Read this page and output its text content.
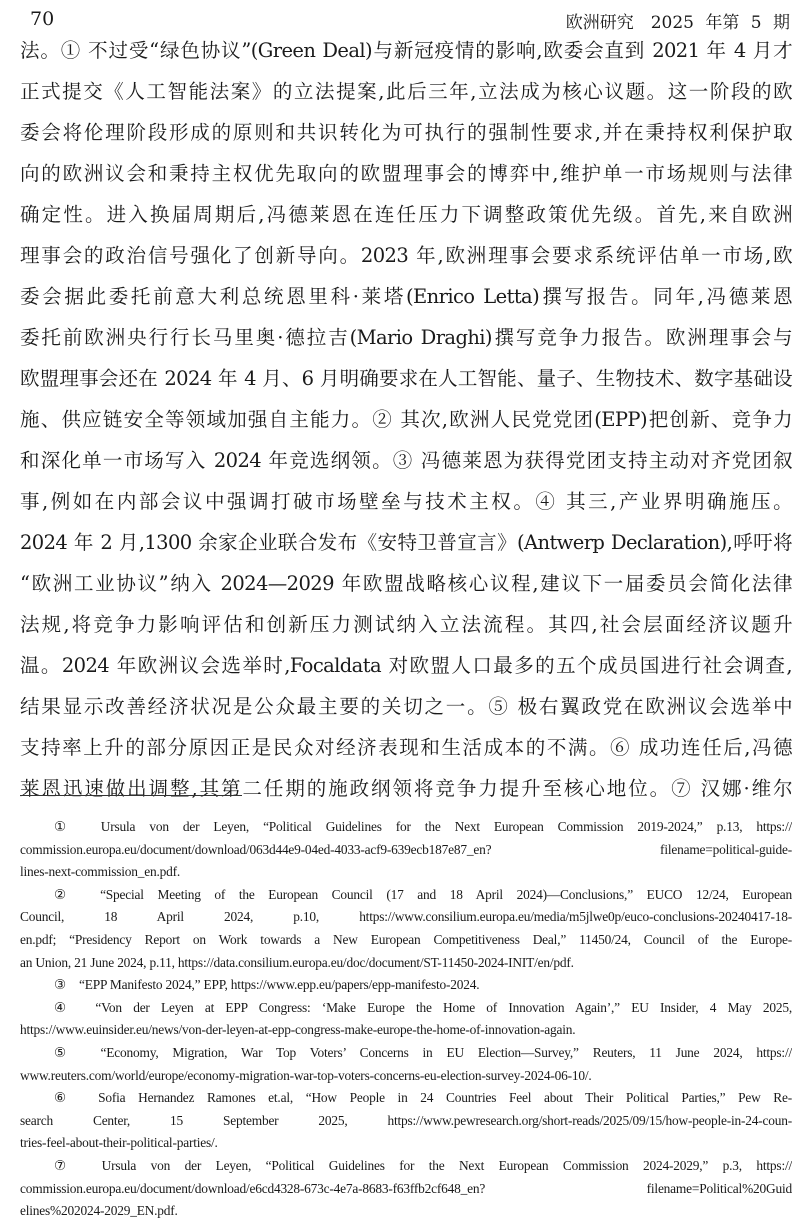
70	欧洲研究　2025 年第 5 期
法。① 不过受“绿色协议”(Green Deal)与新冠疫情的影响,欧委会直到 2021 年 4 月才
正式提交《人工智能法案》的立法提案,此后三年,立法成为核心议题。这一阶段的欧
委会将伦理阶段形成的原则和共识转化为可执行的强制性要求,并在秉持权利保护取
向的欧洲议会和秉持主权优先取向的欧盟理事会的博弈中,维护单一市场规则与法律
确定性。进入换届周期后,冯德莱恩在连任压力下调整政策优先级。首先,来自欧洲
理事会的政治信号强化了创新导向。2023 年,欧洲理事会要求系统评估单一市场,欧
委会据此委托前意大利总统恩里科·莱塔(Enrico Letta)撰写报告。同年,冯德莱恩
委托前欧洲央行行长马里奥·德拉吉(Mario Draghi)撰写竞争力报告。欧洲理事会与
欧盟理事会还在 2024 年 4 月、6 月明确要求在人工智能、量子、生物技术、数字基础设
施、供应链安全等领域加强自主能力。② 其次,欧洲人民党党团(EPP)把创新、竞争力
和深化单一市场写入 2024 年竞选纲领。③ 冯德莱恩为获得党团支持主动对齐党团叙
事,例如在内部会议中强调打破市场壁垒与技术主权。④ 其三,产业界明确施压。
2024 年 2 月,1300 余家企业联合发布《安特卫普宣言》(Antwerp Declaration),呼吁将
“欧洲工业协议”纳入 2024—2029 年欧盟战略核心议程,建议下一届委员会简化法律
法规,将竞争力影响评估和创新压力测试纳入立法流程。其四,社会层面经济议题升
温。2024 年欧洲议会选举时,Focaldata 对欧盟人口最多的五个成员国进行社会调查,
结果显示改善经济状况是公众最主要的关切之一。⑤ 极右翼政党在欧洲议会选举中
支持率上升的部分原因正是民众对经济表现和生活成本的不满。⑥ 成功连任后,冯德
莱恩迅速做出调整,其第二任期的施政纲领将竞争力提升至核心地位。⑦ 汉娜·维尔
①　Ursula von der Leyen, “Political Guidelines for the Next European Commission 2019-2024,” p.13, https://
commission.europa.eu/document/download/063d44e9-04ed-4033-acf9-639ecb187e87_en? filename=political-guide-
lines-next-commission_en.pdf.
②　“Special Meeting of the European Council (17 and 18 April 2024)—Conclusions,” EUCO 12/24, European
Council, 18 April 2024, p.10, https://www.consilium.europa.eu/media/m5jlwe0p/euco-conclusions-20240417-18-
en.pdf; “Presidency Report on Work towards a New European Competitiveness Deal,” 11450/24, Council of the Europe-
an Union, 21 June 2024, p.11, https://data.consilium.europa.eu/doc/document/ST-11450-2024-INIT/en/pdf.
③　“EPP Manifesto 2024,” EPP, https://www.epp.eu/papers/epp-manifesto-2024.
④　“Von der Leyen at EPP Congress: ‘Make Europe the Home of Innovation Again’,” EU Insider, 4 May 2025,
https://www.euinsider.eu/news/von-der-leyen-at-epp-congress-make-europe-the-home-of-innovation-again.
⑤　“Economy, Migration, War Top Voters’ Concerns in EU Election—Survey,” Reuters, 11 June 2024, https://
www.reuters.com/world/europe/economy-migration-war-top-voters-concerns-eu-election-survey-2024-06-10/.
⑥　Sofia Hernandez Ramones et.al, “How People in 24 Countries Feel about Their Political Parties,” Pew Re-
search Center, 15 September 2025, https://www.pewresearch.org/short-reads/2025/09/15/how-people-in-24-coun-
tries-feel-about-their-political-parties/.
⑦　Ursula von der Leyen, “Political Guidelines for the Next European Commission 2024-2029,” p.3, https://
commission.europa.eu/document/download/e6cd4328-673c-4e7a-8683-f63ffb2cf648_en? filename=Political%20Guid
elines%202024-2029_EN.pdf.
